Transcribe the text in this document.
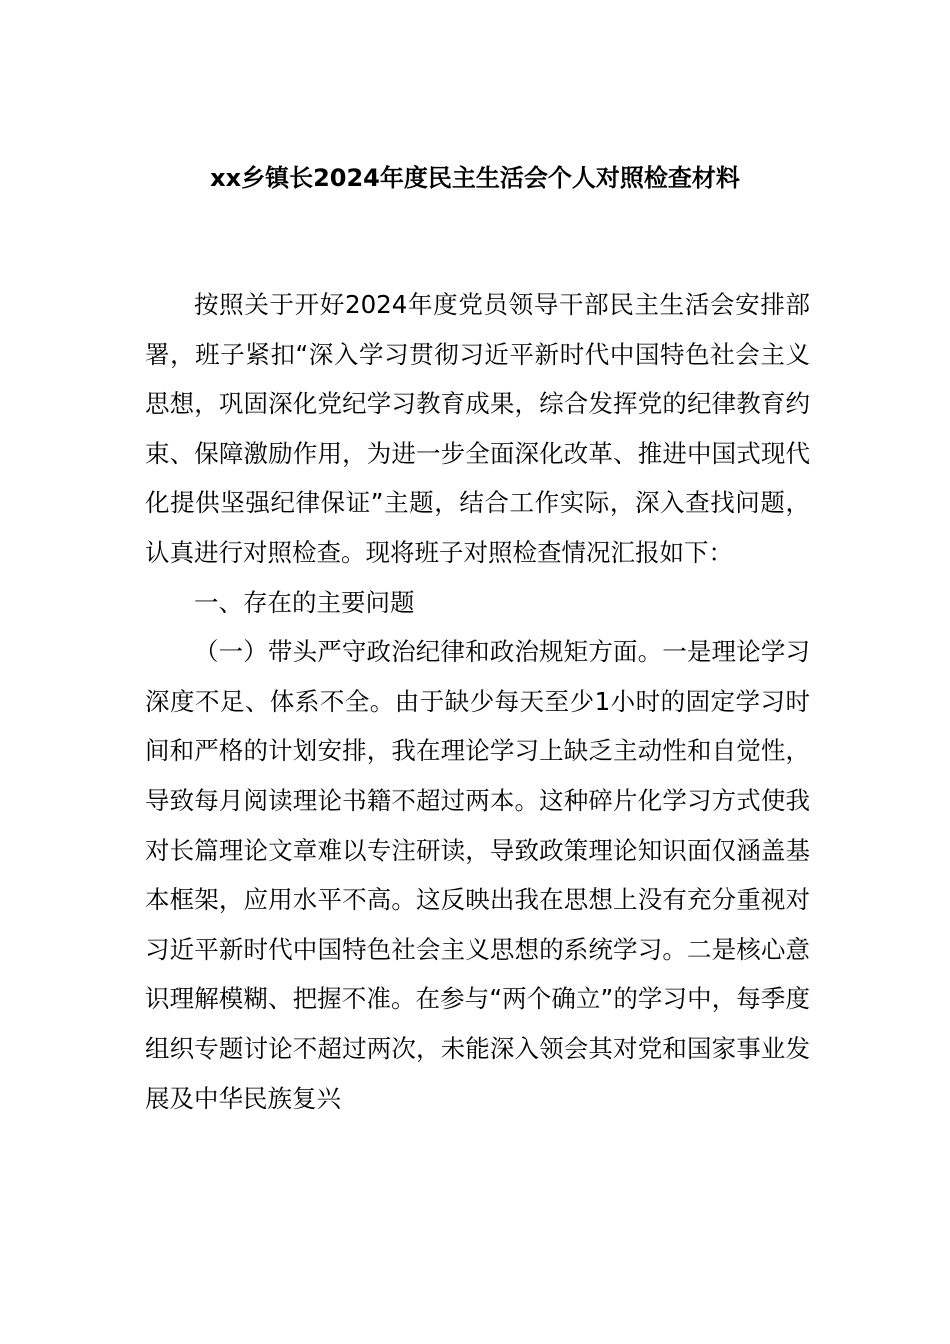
xx乡镇长2024年度民主生活会个人对照检查材料

按照关于开好2024年度党员领导干部民主生活会安排部署，班子紧扣“深入学习贯彻习近平新时代中国特色社会主义思想，巩固深化党纪学习教育成果，综合发挥党的纪律教育约束、保障激励作用，为进一步全面深化改革、推进中国式现代化提供坚强纪律保证”主题，结合工作实际，深入查找问题，认真进行对照检查。现将班子对照检查情况汇报如下：

一、存在的主要问题

（一）带头严守政治纪律和政治规矩方面。一是理论学习深度不足、体系不全。由于缺少每天至少1小时的固定学习时间和严格的计划安排，我在理论学习上缺乏主动性和自觉性，导致每月阅读理论书籍不超过两本。这种碎片化学习方式使我对长篇理论文章难以专注研读，导致政策理论知识面仅涵盖基本框架，应用水平不高。这反映出我在思想上没有充分重视对习近平新时代中国特色社会主义思想的系统学习。二是核心意识理解模糊、把握不准。在参与“两个确立”的学习中，每季度组织专题讨论不超过两次，未能深入领会其对党和国家事业发展及中华民族复兴
